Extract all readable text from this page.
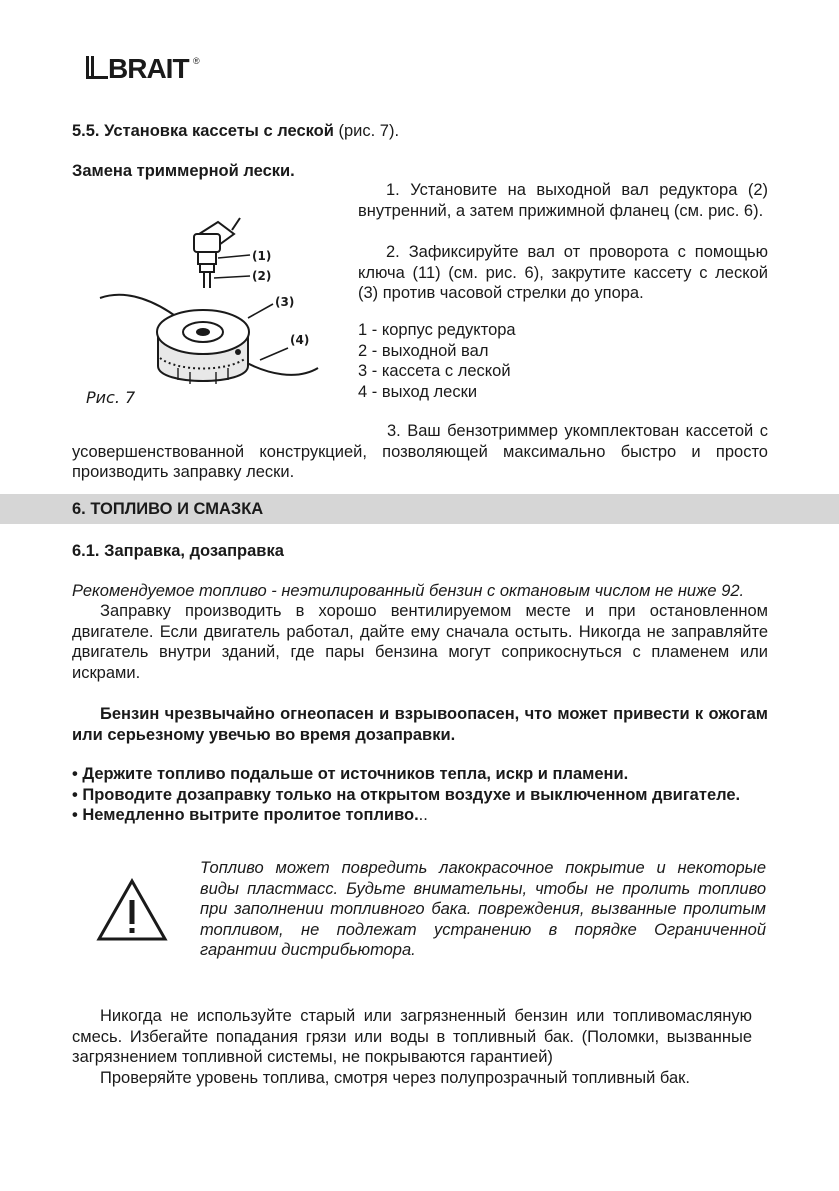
BRAIT ®
5.5. Установка кассеты с леской (рис. 7).
Замена триммерной лески.
(1)
(2)
(3)
(4)
Рис. 7
1. Установите на выходной вал редуктора (2) внутренний, а затем прижимной фланец (см. рис. 6).
2. Зафиксируйте вал от проворота с помощью ключа (11) (см. рис. 6), закрутите кассету с леской (3) против часовой стрелки до упора.
1 - корпус редуктора
2 - выходной вал
3 - кассета с леской
4 - выход лески
3. Ваш бензотриммер укомплектован кассетой с усовершенствованной конструкцией, позволяющей максимально быстро и просто производить заправку лески.
6. ТОПЛИВО И СМАЗКА
6.1. Заправка, дозаправка
Рекомендуемое топливо - неэтилированный бензин с октановым числом не ниже 92.
Заправку производить в хорошо вентилируемом месте и при остановленном двигателе. Если двигатель работал, дайте ему сначала остыть. Никогда не заправляйте двигатель внутри зданий, где пары бензина могут соприкоснуться с пламенем или искрами.
Бензин чрезвычайно огнеопасен и взрывоопасен, что может привести к ожогам или серьезному увечью во время дозаправки.
• Держите топливо подальше от источников тепла, искр и пламени.
• Проводите дозаправку только на открытом воздухе и выключенном двигателе.
• Немедленно вытрите пролитое топливо...
Топливо может повредить лакокрасочное покрытие и некоторые виды пластмасс. Будьте внимательны, чтобы не пролить топливо при заполнении топливного бака. повреждения, вызванные пролитым топливом, не подлежат устранению в порядке Ограниченной гарантии дистрибьютора.
Никогда не используйте старый или загрязненный бензин или топливомасляную смесь. Избегайте попадания грязи или воды в топливный бак. (Поломки, вызванные загрязнением топливной системы, не покрываются гарантией)
Проверяйте уровень топлива, смотря через полупрозрачный топливный бак.
